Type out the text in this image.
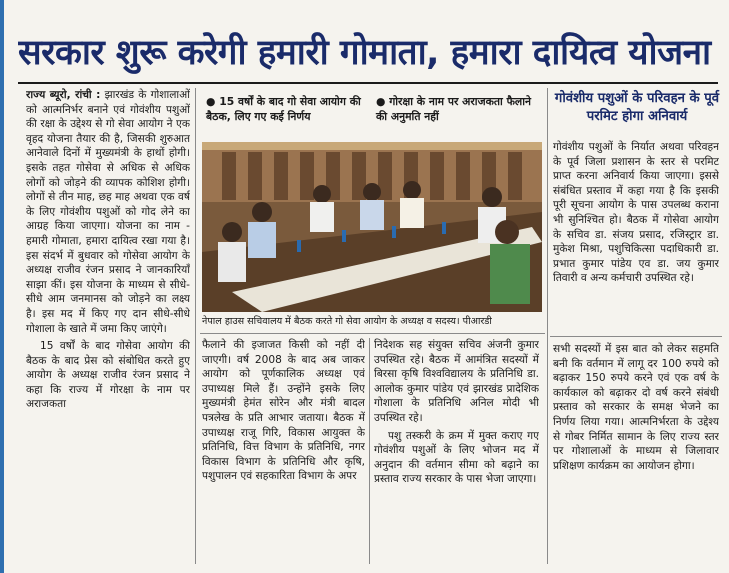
सरकार शुरू करेगी हमारी गोमाता, हमारा दायित्व योजना

राज्य ब्यूरो, रांची : झारखंड के गोशालाओं को आत्मनिर्भर बनाने एवं गोवंशीय पशुओं की रक्षा के उद्देश्य से गो सेवा आयोग ने एक वृहद योजना तैयार की है, जिसकी शुरुआत आनेवाले दिनों में मुख्यमंत्री के हाथों होगी। इसके तहत गोसेवा से अधिक से अधिक लोगों को जोड़ने की व्यापक कोशिश होगी। लोगों से तीन माह, छह माह अथवा एक वर्ष के लिए गोवंशीय पशुओं को गोद लेने का आग्रह किया जाएगा। योजना का नाम - हमारी गोमाता, हमारा दायित्व रखा गया है। इस संदर्भ में बुधवार को गोसेवा आयोग के अध्यक्ष राजीव रंजन प्रसाद ने जानकारियाँ साझा कीं। इस योजना के माध्यम से सीधे-सीधे आम जनमानस को जोड़ने का लक्ष्य है। इस मद में किए गए दान सीधे-सीधे गोशाला के खाते में जमा किए जाएंगे।

15 वर्षों के बाद गोसेवा आयोग की बैठक के बाद प्रेस को संबोधित करते हुए आयोग के अध्यक्ष राजीव रंजन प्रसाद ने कहा कि राज्य में गोरक्षा के नाम पर अराजकता

● 15 वर्षों के बाद गो सेवा आयोग की बैठक, लिए गए कई निर्णय
● गोरक्षा के नाम पर अराजकता फैलाने की अनुमति नहीं
नेपाल हाउस सचिवालय में बैठक करते गो सेवा आयोग के अध्यक्ष व सदस्य। पीआरडी

फैलाने की इजाजत किसी को नहीं दी जाएगी। वर्ष 2008 के बाद अब जाकर आयोग को पूर्णकालिक अध्यक्ष एवं उपाध्यक्ष मिले हैं। उन्होंने इसके लिए मुख्यमंत्री हेमंत सोरेन और मंत्री बादल पत्रलेख के प्रति आभार जताया। बैठक में उपाध्यक्ष राजू गिरि, विकास आयुक्त के प्रतिनिधि, वित्त विभाग के प्रतिनिधि, नगर विकास विभाग के प्रतिनिधि और कृषि, पशुपालन एवं सहकारिता विभाग के अपर

निदेशक सह संयुक्त सचिव अंजनी कुमार उपस्थित रहे। बैठक में आमंत्रित सदस्यों में बिरसा कृषि विश्वविद्यालय के प्रतिनिधि डा. आलोक कुमार पांडेय एवं झारखंड प्रादेशिक गोशाला के प्रतिनिधि अनिल मोदी भी उपस्थित रहे।

पशु तस्करी के क्रम में मुक्त कराए गए गोवंशीय पशुओं के लिए भोजन मद में अनुदान की वर्तमान सीमा को बढ़ाने का प्रस्ताव राज्य सरकार के पास भेजा जाएगा।

गोवंशीय पशुओं के परिवहन के पूर्व परमिट होगा अनिवार्य

गोवंशीय पशुओं के निर्यात अथवा परिवहन के पूर्व जिला प्रशासन के स्तर से परमिट प्राप्त करना अनिवार्य किया जाएगा। इससे संबंधित प्रस्ताव में कहा गया है कि इसकी पूरी सूचना आयोग के पास उपलब्ध कराना भी सुनिश्चित हो। बैठक में गोसेवा आयोग के सचिव डा. संजय प्रसाद, रजिस्ट्रार डा. मुकेश मिश्रा, पशुचिकित्सा पदाधिकारी डा. प्रभात कुमार पांडेय एव डा. जय कुमार तिवारी व अन्य कर्मचारी उपस्थित रहे।

सभी सदस्यों में इस बात को लेकर सहमति बनी कि वर्तमान में लागू दर 100 रुपये को बढ़ाकर 150 रुपये करने एवं एक वर्ष के कार्यकाल को बढ़ाकर दो वर्ष करने संबंधी प्रस्ताव को सरकार के समक्ष भेजने का निर्णय लिया गया। आत्मनिर्भरता के उद्देश्य से गोबर निर्मित सामान के लिए राज्य स्तर पर गोशालाओं के माध्यम से जिलावार प्रशिक्षण कार्यक्रम का आयोजन होगा।
